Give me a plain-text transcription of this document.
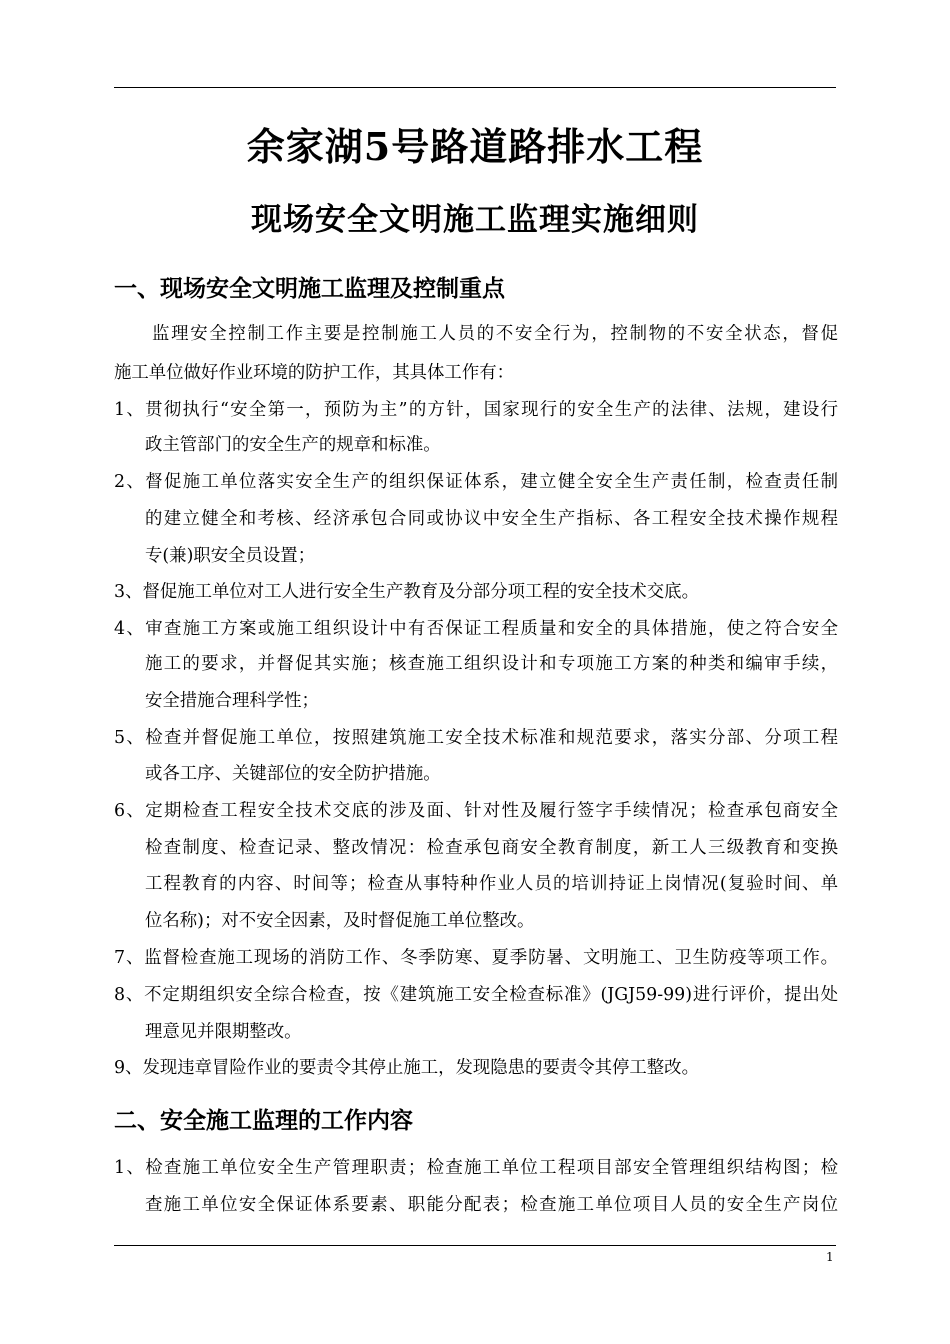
余家湖5号路道路排水工程
现场安全文明施工监理实施细则
一、现场安全文明施工监理及控制重点
监理安全控制工作主要是控制施工人员的不安全行为，控制物的不安全状态，督促
施工单位做好作业环境的防护工作，其具体工作有：
1、贯彻执行“安全第一，预防为主”的方针，国家现行的安全生产的法律、法规，建设行
政主管部门的安全生产的规章和标准。
2、督促施工单位落实安全生产的组织保证体系，建立健全安全生产责任制，检查责任制
的建立健全和考核、经济承包合同或协议中安全生产指标、各工程安全技术操作规程
专(兼)职安全员设置；
3、督促施工单位对工人进行安全生产教育及分部分项工程的安全技术交底。
4、审查施工方案或施工组织设计中有否保证工程质量和安全的具体措施，使之符合安全
施工的要求，并督促其实施；核查施工组织设计和专项施工方案的种类和编审手续，
安全措施合理科学性；
5、检查并督促施工单位，按照建筑施工安全技术标准和规范要求，落实分部、分项工程
或各工序、关键部位的安全防护措施。
6、定期检查工程安全技术交底的涉及面、针对性及履行签字手续情况；检查承包商安全
检查制度、检查记录、整改情况：检查承包商安全教育制度，新工人三级教育和变换
工程教育的内容、时间等；检查从事特种作业人员的培训持证上岗情况(复验时间、单
位名称)；对不安全因素，及时督促施工单位整改。
7、监督检查施工现场的消防工作、冬季防寒、夏季防暑、文明施工、卫生防疫等项工作。
8、不定期组织安全综合检查，按《建筑施工安全检查标准》(JGJ59-99)进行评价，提出处
理意见并限期整改。
9、发现违章冒险作业的要责令其停止施工，发现隐患的要责令其停工整改。
二、安全施工监理的工作内容
1、检查施工单位安全生产管理职责；检查施工单位工程项目部安全管理组织结构图；检
查施工单位安全保证体系要素、职能分配表；检查施工单位项目人员的安全生产岗位
1
